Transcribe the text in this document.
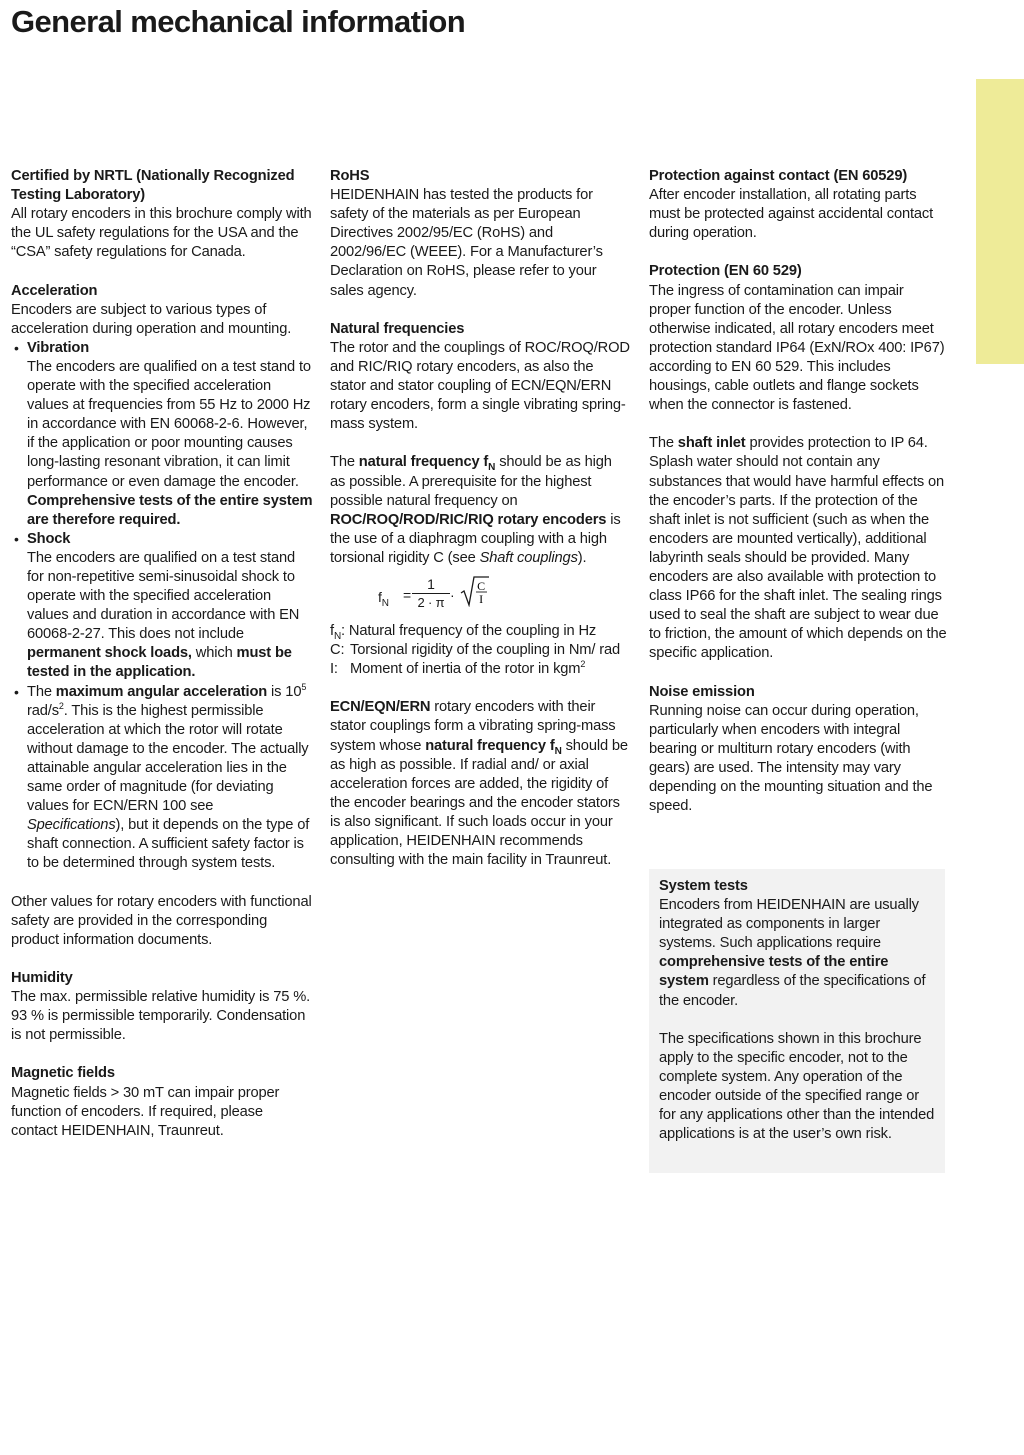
General mechanical information
Certified by NRTL (Nationally Recognized Testing Laboratory)
All rotary encoders in this brochure comply with the UL safety regulations for the USA and the “CSA” safety regulations for Canada.
Acceleration
Encoders are subject to various types of acceleration during operation and mounting.
• Vibration
The encoders are qualified on a test stand to operate with the specified acceleration values at frequencies from 55 Hz to 2000 Hz in accordance with EN 60068-2-6. However, if the application or poor mounting causes long-lasting resonant vibration, it can limit performance or even damage the encoder. Comprehensive tests of the entire system are therefore required.
• Shock
The encoders are qualified on a test stand for non-repetitive semi-sinusoidal shock to operate with the specified acceleration values and duration in accordance with EN 60068-2-27. This does not include permanent shock loads, which must be tested in the application.
• The maximum angular acceleration is $10^5$ rad/$s^2$. This is the highest permissible acceleration at which the rotor will rotate without damage to the encoder. The actually attainable angular acceleration lies in the same order of magnitude (for deviating values for ECN/ERN 100 see Specifications), but it depends on the type of shaft connection. A sufficient safety factor is to be determined through system tests.
Other values for rotary encoders with functional safety are provided in the corresponding product information documents.
Humidity
The max. permissible relative humidity is 75 %. 93 % is permissible temporarily. Condensation is not permissible.
Magnetic fields
Magnetic fields > 30 mT can impair proper function of encoders. If required, please contact HEIDENHAIN, Traunreut.
RoHS
HEIDENHAIN has tested the products for safety of the materials as per European Directives 2002/95/EC (RoHS) and 2002/96/EC (WEEE). For a Manufacturer’s Declaration on RoHS, please refer to your sales agency.
Natural frequencies
The rotor and the couplings of ROC/ROQ/ROD and RIC/RIQ rotary encoders, as also the stator and stator coupling of ECN/EQN/ERN rotary encoders, form a single vibrating spring-mass system.
The natural frequency $f_N$ should be as high as possible. A prerequisite for the highest possible natural frequency on ROC/ROQ/ROD/RIC/RIQ rotary encoders is the use of a diaphragm coupling with a high torsional rigidity C (see Shaft couplings).
$f_N$
=
1
2 · π ·
C
I
$f_N$: Natural frequency of the coupling in Hz
C: Torsional rigidity of the coupling in Nm/ rad
I: Moment of inertia of the rotor in kgm$^2$
ECN/EQN/ERN rotary encoders with their stator couplings form a vibrating spring-mass system whose natural frequency $f_N$ should be as high as possible. If radial and/ or axial acceleration forces are added, the rigidity of the encoder bearings and the encoder stators is also significant. If such loads occur in your application, HEIDENHAIN recommends consulting with the main facility in Traunreut.
Protection against contact (EN 60529)
After encoder installation, all rotating parts must be protected against accidental contact during operation.
Protection (EN 60 529)
The ingress of contamination can impair proper function of the encoder. Unless otherwise indicated, all rotary encoders meet protection standard IP64 (ExN/ROx 400: IP67) according to EN 60 529. This includes housings, cable outlets and flange sockets when the connector is fastened.
The shaft inlet provides protection to IP 64. Splash water should not contain any substances that would have harmful effects on the encoder’s parts. If the protection of the shaft inlet is not sufficient (such as when the encoders are mounted vertically), additional labyrinth seals should be provided. Many encoders are also available with protection to class IP66 for the shaft inlet. The sealing rings used to seal the shaft are subject to wear due to friction, the amount of which depends on the specific application.
Noise emission
Running noise can occur during operation, particularly when encoders with integral bearing or multiturn rotary encoders (with gears) are used. The intensity may vary depending on the mounting situation and the speed.
System tests
Encoders from HEIDENHAIN are usually integrated as components in larger systems. Such applications require comprehensive tests of the entire system regardless of the specifications of the encoder.
The specifications shown in this brochure apply to the specific encoder, not to the complete system. Any operation of the encoder outside of the specified range or for any applications other than the intended applications is at the user’s own risk.
